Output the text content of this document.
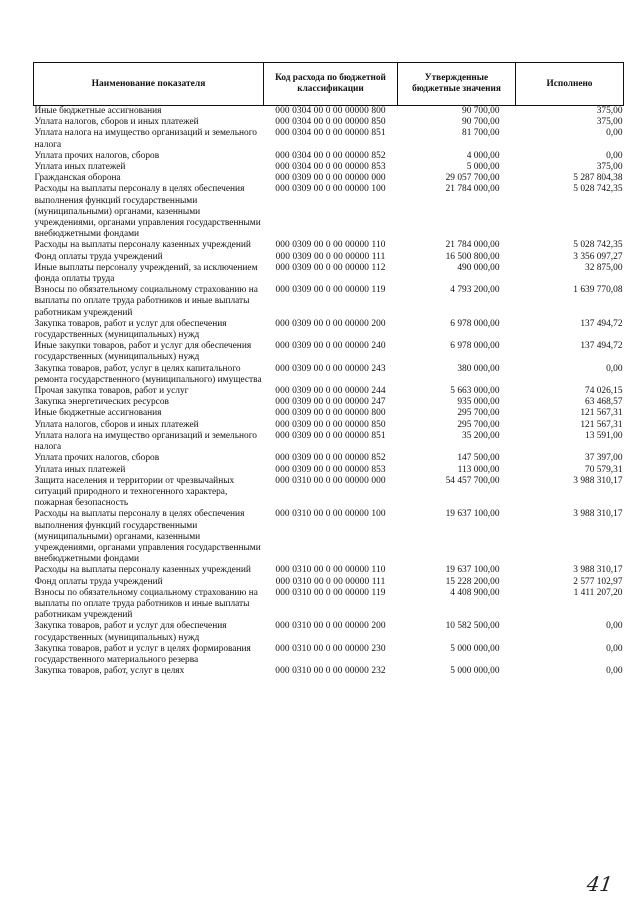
Наименование показателя	Код расхода по бюджетной классификации	Утвержденные бюджетные значения	Исполнено
Иные бюджетные ассигнования	000 0304 00 0 00 00000 800	90 700,00	375,00
Уплата налогов, сборов и иных платежей	000 0304 00 0 00 00000 850	90 700,00	375,00
Уплата налога на имущество организаций и земельного налога	000 0304 00 0 00 00000 851	81 700,00	0,00
Уплата прочих налогов, сборов	000 0304 00 0 00 00000 852	4 000,00	0,00
Уплата иных платежей	000 0304 00 0 00 00000 853	5 000,00	375,00
Гражданская оборона	000 0309 00 0 00 00000 000	29 057 700,00	5 287 804,38
Расходы на выплаты персоналу в целях обеспечения выполнения функций государственными (муниципальными) органами, казенными учреждениями, органами управления государственными внебюджетными фондами	000 0309 00 0 00 00000 100	21 784 000,00	5 028 742,35
Расходы на выплаты персоналу казенных учреждений	000 0309 00 0 00 00000 110	21 784 000,00	5 028 742,35
Фонд оплаты труда учреждений	000 0309 00 0 00 00000 111	16 500 800,00	3 356 097,27
Иные выплаты персоналу учреждений, за исключением фонда оплаты труда	000 0309 00 0 00 00000 112	490 000,00	32 875,00
Взносы по обязательному социальному страхованию на выплаты по оплате труда работников и иные выплаты работникам учреждений	000 0309 00 0 00 00000 119	4 793 200,00	1 639 770,08
Закупка товаров, работ и услуг для обеспечения государственных (муниципальных) нужд	000 0309 00 0 00 00000 200	6 978 000,00	137 494,72
Иные закупки товаров, работ и услуг для обеспечения государственных (муниципальных) нужд	000 0309 00 0 00 00000 240	6 978 000,00	137 494,72
Закупка товаров, работ, услуг в целях капитального ремонта государственного (муниципального) имущества	000 0309 00 0 00 00000 243	380 000,00	0,00
Прочая закупка товаров, работ и услуг	000 0309 00 0 00 00000 244	5 663 000,00	74 026,15
Закупка энергетических ресурсов	000 0309 00 0 00 00000 247	935 000,00	63 468,57
Иные бюджетные ассигнования	000 0309 00 0 00 00000 800	295 700,00	121 567,31
Уплата налогов, сборов и иных платежей	000 0309 00 0 00 00000 850	295 700,00	121 567,31
Уплата налога на имущество организаций и земельного налога	000 0309 00 0 00 00000 851	35 200,00	13 591,00
Уплата прочих налогов, сборов	000 0309 00 0 00 00000 852	147 500,00	37 397,00
Уплата иных платежей	000 0309 00 0 00 00000 853	113 000,00	70 579,31
Защита населения и территории от чрезвычайных ситуаций природного и техногенного характера, пожарная безопасность	000 0310 00 0 00 00000 000	54 457 700,00	3 988 310,17
Расходы на выплаты персоналу в целях обеспечения выполнения функций государственными (муниципальными) органами, казенными учреждениями, органами управления государственными внебюджетными фондами	000 0310 00 0 00 00000 100	19 637 100,00	3 988 310,17
Расходы на выплаты персоналу казенных учреждений	000 0310 00 0 00 00000 110	19 637 100,00	3 988 310,17
Фонд оплаты труда учреждений	000 0310 00 0 00 00000 111	15 228 200,00	2 577 102,97
Взносы по обязательному социальному страхованию на выплаты по оплате труда работников и иные выплаты работникам учреждений	000 0310 00 0 00 00000 119	4 408 900,00	1 411 207,20
Закупка товаров, работ и услуг для обеспечения государственных (муниципальных) нужд	000 0310 00 0 00 00000 200	10 582 500,00	0,00
Закупка товаров, работ и услуг в целях формирования государственного материального резерва	000 0310 00 0 00 00000 230	5 000 000,00	0,00
Закупка товаров, работ, услуг в целях	000 0310 00 0 00 00000 232	5 000 000,00	0,00
41
